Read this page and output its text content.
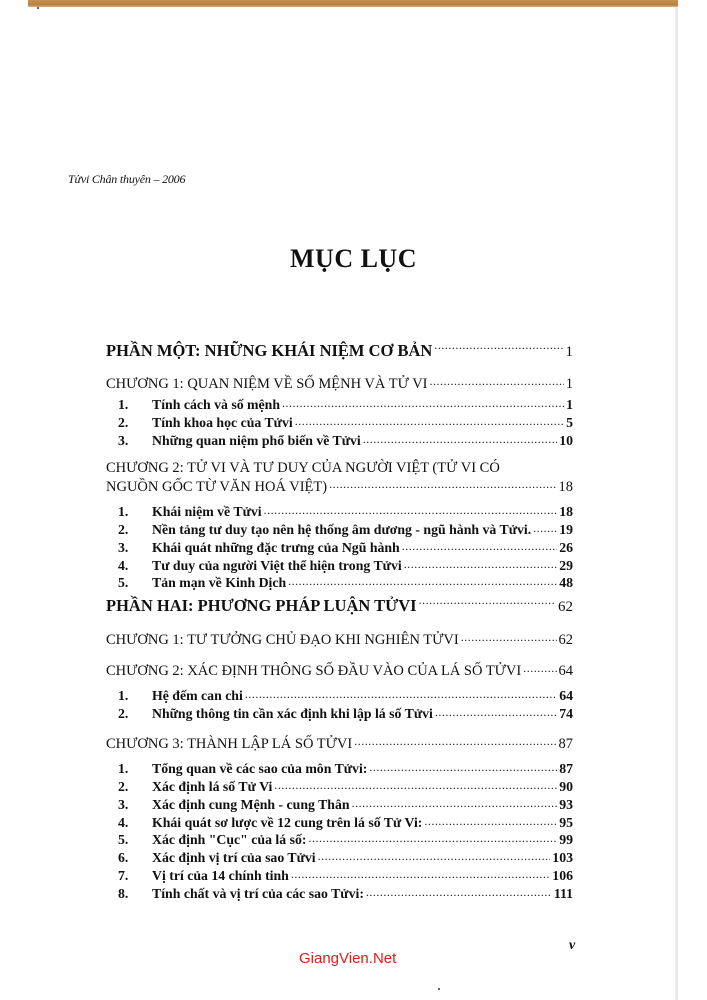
Tửvi Chân thuyên – 2006
MỤC LỤC
PHẦN MỘT: NHỮNG KHÁI NIỆM CƠ BẢN .....	1
CHƯƠNG 1: QUAN NIỆM VỀ SỐ MỆNH VÀ TỬ VI .....	1
1. Tính cách và số mệnh .....	1
2. Tính khoa học của Tửvi .....	5
3. Những quan niệm phổ biến về Tửvi .....	10
CHƯƠNG 2: TỬ VI VÀ TƯ DUY CỦA NGƯỜI VIỆT (TỬ VI CÓ
NGUỒN GỐC TỪ VĂN HOÁ VIỆT) .....	18
1. Khái niệm về Tửvi .....	18
2. Nền tảng tư duy tạo nên hệ thống âm dương - ngũ hành và Tửvi. ..... 19
3. Khái quát những đặc trưng của Ngũ hành .....	26
4. Tư duy của người Việt thể hiện trong Tửvi .....	29
5. Tản mạn về Kinh Dịch .....	48
PHẦN HAI: PHƯƠNG PHÁP LUẬN TỬVI .....	62
CHƯƠNG 1: TƯ TƯỞNG CHỦ ĐẠO KHI NGHIÊN TỬVI .....	62
CHƯƠNG 2: XÁC ĐỊNH THÔNG SỐ ĐẦU VÀO CỦA LÁ SỐ TỬVI .....	64
1. Hệ đếm can chi .....	64
2. Những thông tin cần xác định khi lập lá số Tửvi .....	74
CHƯƠNG 3: THÀNH LẬP LÁ SỐ TỬVI .....	87
1. Tổng quan về các sao của môn Tửvi: .....	87
2. Xác định lá số Tử Vi .....	90
3. Xác định cung Mệnh - cung Thân .....	93
4. Khái quát sơ lược về 12 cung trên lá số Tử Vi: .....	95
5. Xác định "Cục" của lá số: .....	99
6. Xác định vị trí của sao Tửvi .....	103
7. Vị trí của 14 chính tinh .....	106
8. Tính chất và vị trí của các sao Tửvi: .....	111
v
GiangVien.Net
